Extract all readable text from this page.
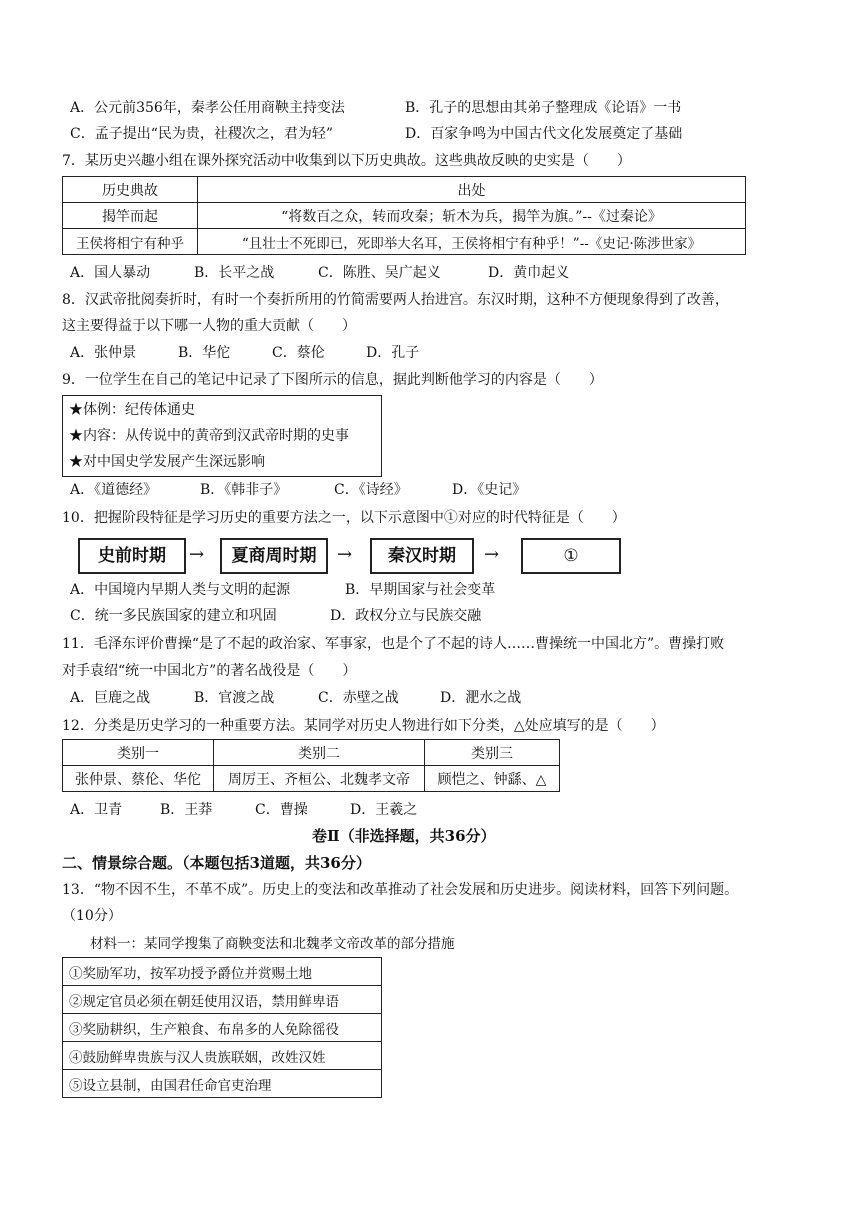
A．公元前356年，秦孝公任用商鞅主持变法	B．孔子的思想由其弟子整理成《论语》一书
C．孟子提出“民为贵，社稷次之，君为轻”	D．百家争鸣为中国古代文化发展奠定了基础
7．某历史兴趣小组在课外探究活动中收集到以下历史典故。这些典故反映的史实是（　　）
历史典故	出处
揭竿而起	“将数百之众，转而攻秦；斩木为兵，揭竿为旗。”--《过秦论》
王侯将相宁有种乎	“且壮士不死即已，死即举大名耳，王侯将相宁有种乎！”--《史记·陈涉世家》
A．国人暴动	B．长平之战	C．陈胜、吴广起义	D．黄巾起义
8．汉武帝批阅奏折时，有时一个奏折所用的竹简需要两人抬进宫。东汉时期，这种不方便现象得到了改善，
这主要得益于以下哪一人物的重大贡献（　　）
A．张仲景	B．华佗	C．蔡伦	D．孔子
9．一位学生在自己的笔记中记录了下图所示的信息，据此判断他学习的内容是（　　）
★体例：纪传体通史
★内容：从传说中的黄帝到汉武帝时期的史事
★对中国史学发展产生深远影响
A．《道德经》	B．《韩非子》	C．《诗经》	D．《史记》
10．把握阶段特征是学习历史的重要方法之一，以下示意图中①对应的时代特征是（　　）
史前时期	→	夏商周时期	→	秦汉时期	→	①
A．中国境内早期人类与文明的起源	B．早期国家与社会变革
C．统一多民族国家的建立和巩固	D．政权分立与民族交融
11．毛泽东评价曹操“是了不起的政治家、军事家，也是个了不起的诗人……曹操统一中国北方”。曹操打败
对手袁绍“统一中国北方”的著名战役是（　　）
A．巨鹿之战	B．官渡之战	C．赤壁之战	D．淝水之战
12．分类是历史学习的一种重要方法。某同学对历史人物进行如下分类，△处应填写的是（　　）
类别一	类别二	类别三
张仲景、蔡伦、华佗	周厉王、齐桓公、北魏孝文帝	顾恺之、钟繇、△
A．卫青	B．王莽	C．曹操	D．王羲之
卷Ⅱ（非选择题，共36分）
二、情景综合题。（本题包括3道题，共36分）
13．“物不因不生，不革不成”。历史上的变法和改革推动了社会发展和历史进步。阅读材料，回答下列问题。
（10分）
材料一：某同学搜集了商鞅变法和北魏孝文帝改革的部分措施
①奖励军功，按军功授予爵位并赏赐土地
②规定官员必须在朝廷使用汉语，禁用鲜卑语
③奖励耕织，生产粮食、布帛多的人免除徭役
④鼓励鲜卑贵族与汉人贵族联姻，改姓汉姓
⑤设立县制，由国君任命官吏治理
